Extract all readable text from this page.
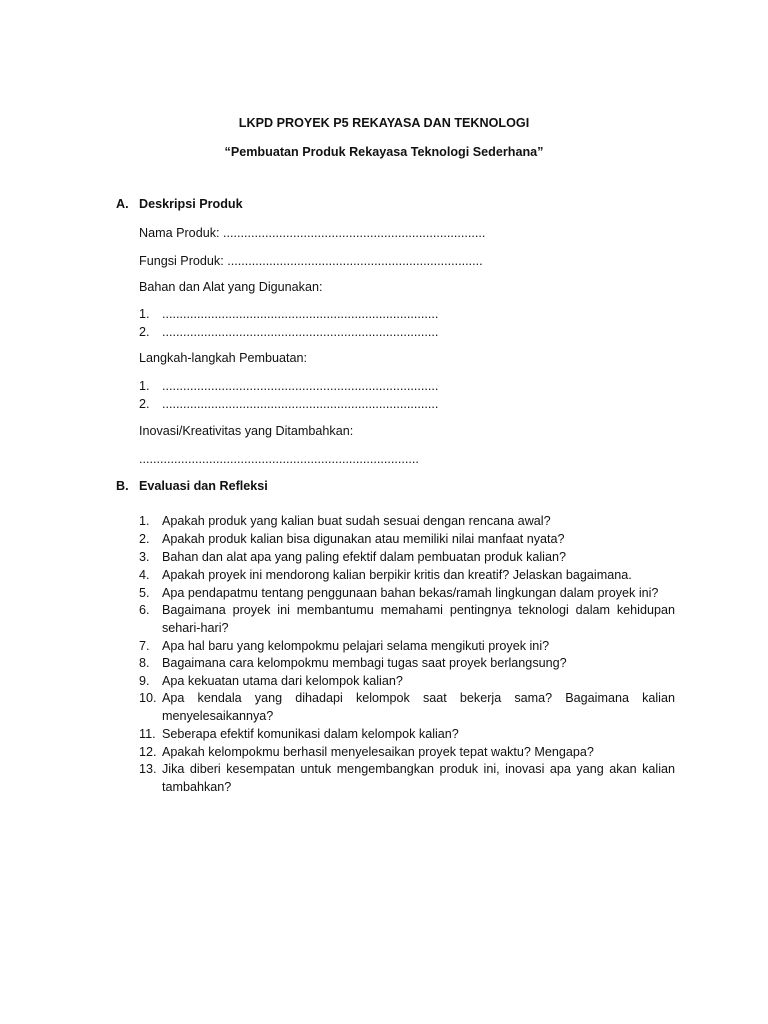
LKPD PROYEK P5 REKAYASA DAN TEKNOLOGI
“Pembuatan Produk Rekayasa Teknologi Sederhana”
A. Deskripsi Produk
Nama Produk: ...........................................................................
Fungsi Produk: .........................................................................
Bahan dan Alat yang Digunakan:
1. ...............................................................................
2. ...............................................................................
Langkah-langkah Pembuatan:
1. ...............................................................................
2. ...............................................................................
Inovasi/Kreativitas yang Ditambahkan:
................................................................................
B. Evaluasi dan Refleksi
1. Apakah produk yang kalian buat sudah sesuai dengan rencana awal?
2. Apakah produk kalian bisa digunakan atau memiliki nilai manfaat nyata?
3. Bahan dan alat apa yang paling efektif dalam pembuatan produk kalian?
4. Apakah proyek ini mendorong kalian berpikir kritis dan kreatif? Jelaskan bagaimana.
5. Apa pendapatmu tentang penggunaan bahan bekas/ramah lingkungan dalam proyek ini?
6. Bagaimana proyek ini membantumu memahami pentingnya teknologi dalam kehidupan sehari-hari?
7. Apa hal baru yang kelompokmu pelajari selama mengikuti proyek ini?
8. Bagaimana cara kelompokmu membagi tugas saat proyek berlangsung?
9. Apa kekuatan utama dari kelompok kalian?
10. Apa kendala yang dihadapi kelompok saat bekerja sama? Bagaimana kalian menyelesaikannya?
11. Seberapa efektif komunikasi dalam kelompok kalian?
12. Apakah kelompokmu berhasil menyelesaikan proyek tepat waktu? Mengapa?
13. Jika diberi kesempatan untuk mengembangkan produk ini, inovasi apa yang akan kalian tambahkan?
